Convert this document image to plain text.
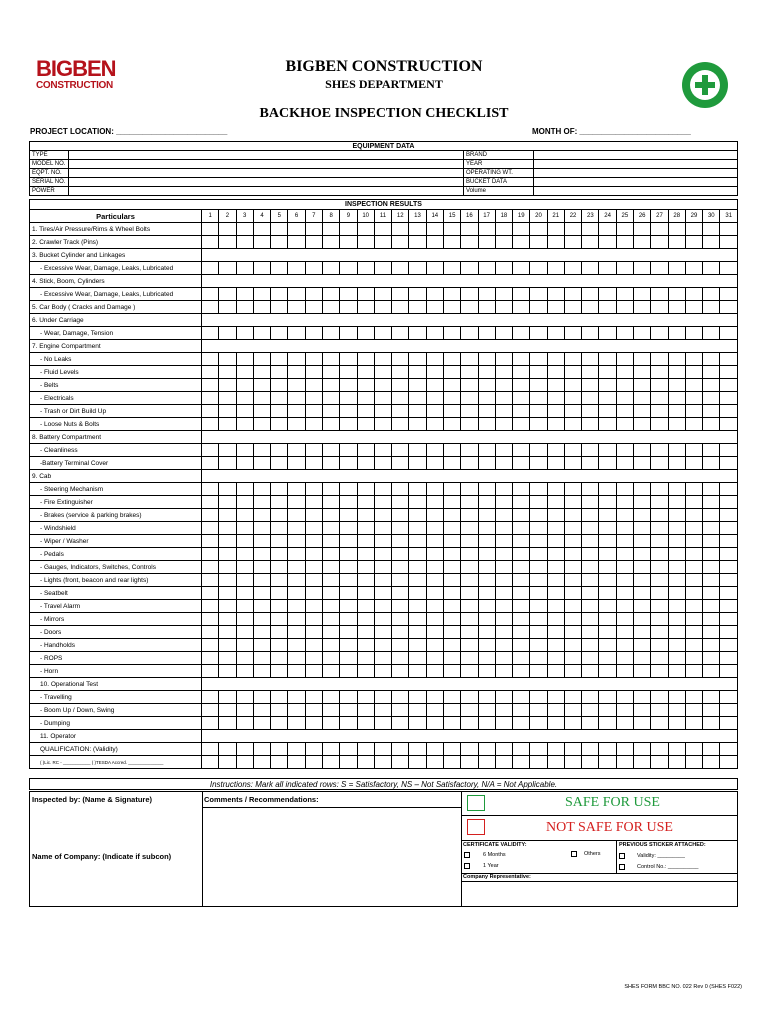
BIGBEN
CONSTRUCTION
BIGBEN CONSTRUCTION
SHES DEPARTMENT
BACKHOE INSPECTION CHECKLIST
PROJECT LOCATION: _________________________	MONTH OF: _________________________
EQUIPMENT DATA			
TYPE		BRAND	
MODEL NO.		YEAR	
EQPT. NO.		OPERATING WT.	
SERIAL NO.		BUCKET DATA	
POWER		Volume	
INSPECTION RESULTS																															
Particulars	1	2	3	4	5	6	7	8	9	10	11	12	13	14	15	16	17	18	19	20	21	22	23	24	25	26	27	28	29	30	31
1. Tires/Air Pressure/Rims & Wheel Bolts																															
2. Crawler Track (Pins)																															
3. Bucket Cylinder and Linkages																															
- Excessive Wear, Damage, Leaks, Lubricated																															
4. Stick, Boom, Cylinders																															
- Excessive Wear, Damage, Leaks, Lubricated																															
5. Car Body ( Cracks and Damage )																															
6. Under Carriage																															
- Wear, Damage, Tension																															
7. Engine Compartment																															
- No Leaks																															
- Fluid Levels																															
- Belts																															
- Electricals																															
- Trash or Dirt Build Up																															
- Loose Nuts & Bolts																															
8. Battery Compartment																															
- Cleanliness																															
-Battery Terminal Cover																															
9. Cab																															
- Steering Mechanism																															
- Fire Extinguisher																															
- Brakes (service & parking brakes)																															
- Windshield																															
- Wiper / Washer																															
- Pedals																															
- Gauges, Indicators, Switches, Controls																															
- Lights (front, beacon and rear lights)																															
- Seatbelt																															
- Travel Alarm																															
- Mirrors																															
- Doors																															
- Handholds																															
- ROPS																															
- Horn																															
10. Operational Test																															
- Travelling																															
- Boom Up / Down, Swing																															
- Dumping																															
11. Operator																															
QUALIFICATION: (Validity)																															
( )Lic. RC - ___________ ( )TESDA Accred. ______________																															
Instructions: Mark all indicated rows: S = Satisfactory, NS – Not Satisfactory, N/A = Not Applicable.
Inspected by: (Name & Signature)
Name of Company: (Indicate if subcon)
Comments / Recommendations:	SAFE FOR USE
NOT SAFE FOR USE
CERTIFICATE VALIDITY:
6 Months	Others
1 Year
PREVIOUS STICKER ATTACHED:
Validity: _________
Control No.: __________
Company Representative:
SHES FORM BBC NO. 022 Rev 0 (SHES F022)
